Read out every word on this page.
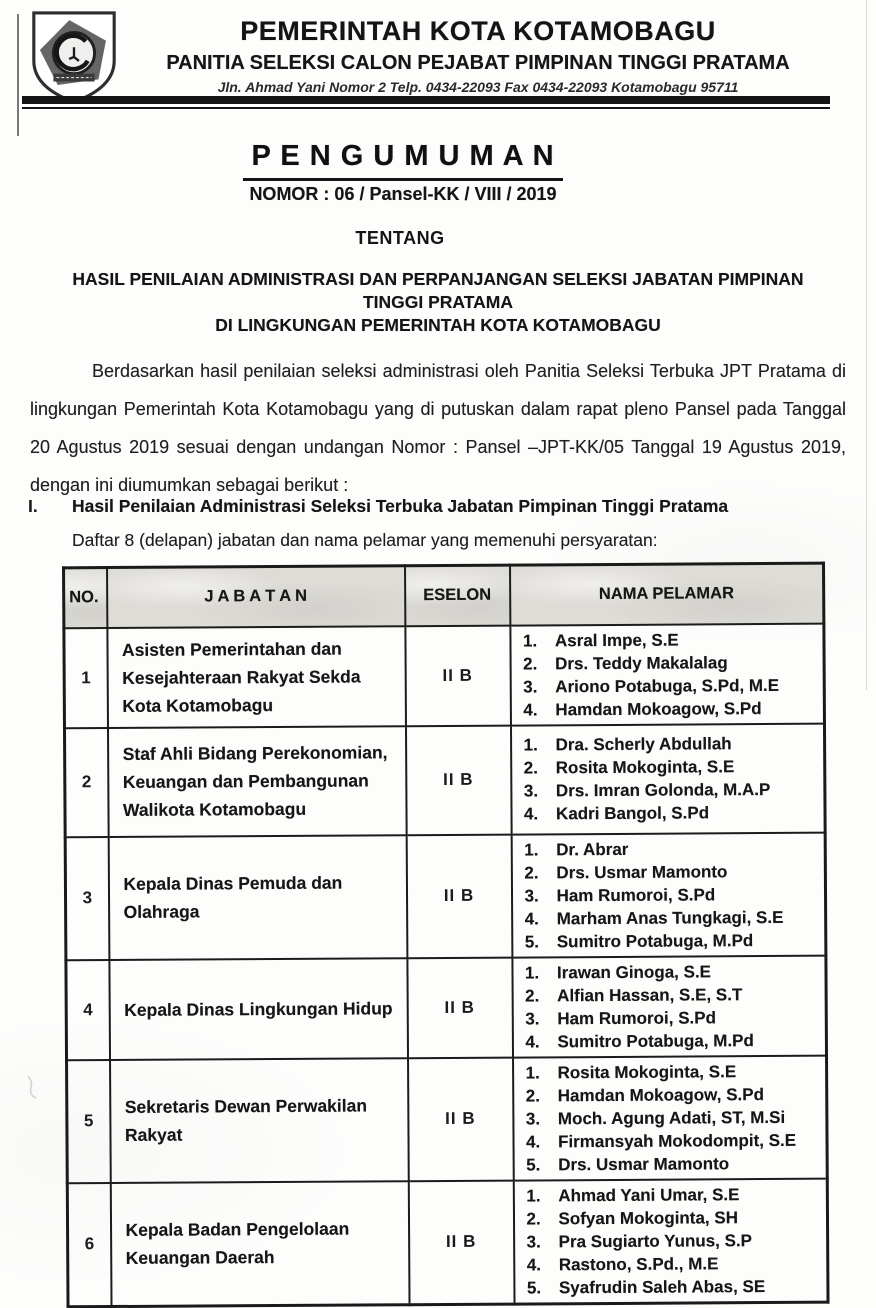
PEMERINTAH KOTA KOTAMOBAGU
PANITIA SELEKSI CALON PEJABAT PIMPINAN TINGGI PRATAMA
Jln. Ahmad Yani Nomor 2 Telp. 0434-22093 Fax 0434-22093 Kotamobagu 95711
P E N G U M U M A N
NOMOR : 06 / Pansel-KK / VIII / 2019
TENTANG
HASIL PENILAIAN ADMINISTRASI DAN PERPANJANGAN SELEKSI JABATAN PIMPINAN
TINGGI PRATAMA
DI LINGKUNGAN PEMERINTAH KOTA KOTAMOBAGU
Berdasarkan hasil penilaian seleksi administrasi oleh Panitia Seleksi Terbuka JPT Pratama di lingkungan Pemerintah Kota Kotamobagu yang di putuskan dalam rapat pleno Pansel pada Tanggal 20 Agustus 2019 sesuai dengan undangan Nomor : Pansel –JPT-KK/05 Tanggal 19 Agustus 2019, dengan ini diumumkan sebagai berikut :
I. Hasil Penilaian Administrasi Seleksi Terbuka Jabatan Pimpinan Tinggi Pratama
Daftar 8 (delapan) jabatan dan nama pelamar yang memenuhi persyaratan:
NO.	J A B A T A N	ESELON	NAMA PELAMAR
1	Asisten Pemerintahan dan Kesejahteraan Rakyat Sekda Kota Kotamobagu	II B	
1.	Asral Impe, S.E
2.	Drs. Teddy Makalalag
3.	Ariono Potabuga, S.Pd, M.E
4.	Hamdan Mokoagow, S.Pd

2	Staf Ahli Bidang Perekonomian, Keuangan dan Pembangunan Walikota Kotamobagu	II B	
1.	Dra. Scherly Abdullah
2.	Rosita Mokoginta, S.E
3.	Drs. Imran Golonda, M.A.P
4.	Kadri Bangol, S.Pd

3	Kepala Dinas Pemuda dan Olahraga	II B	
1.	Dr. Abrar
2.	Drs. Usmar Mamonto
3.	Ham Rumoroi, S.Pd
4.	Marham Anas Tungkagi, S.E
5.	Sumitro Potabuga, M.Pd

4	Kepala Dinas Lingkungan Hidup	II B	
1.	Irawan Ginoga, S.E
2.	Alfian Hassan, S.E, S.T
3.	Ham Rumoroi, S.Pd
4.	Sumitro Potabuga, M.Pd

5	Sekretaris Dewan Perwakilan Rakyat	II B	
1.	Rosita Mokoginta, S.E
2.	Hamdan Mokoagow, S.Pd
3.	Moch. Agung Adati, ST, M.Si
4.	Firmansyah Mokodompit, S.E
5.	Drs. Usmar Mamonto

6	Kepala Badan Pengelolaan Keuangan Daerah	II B	
1.	Ahmad Yani Umar, S.E
2.	Sofyan Mokoginta, SH
3.	Pra Sugiarto Yunus, S.P
4.	Rastono, S.Pd., M.E
5.	Syafrudin Saleh Abas, SE
